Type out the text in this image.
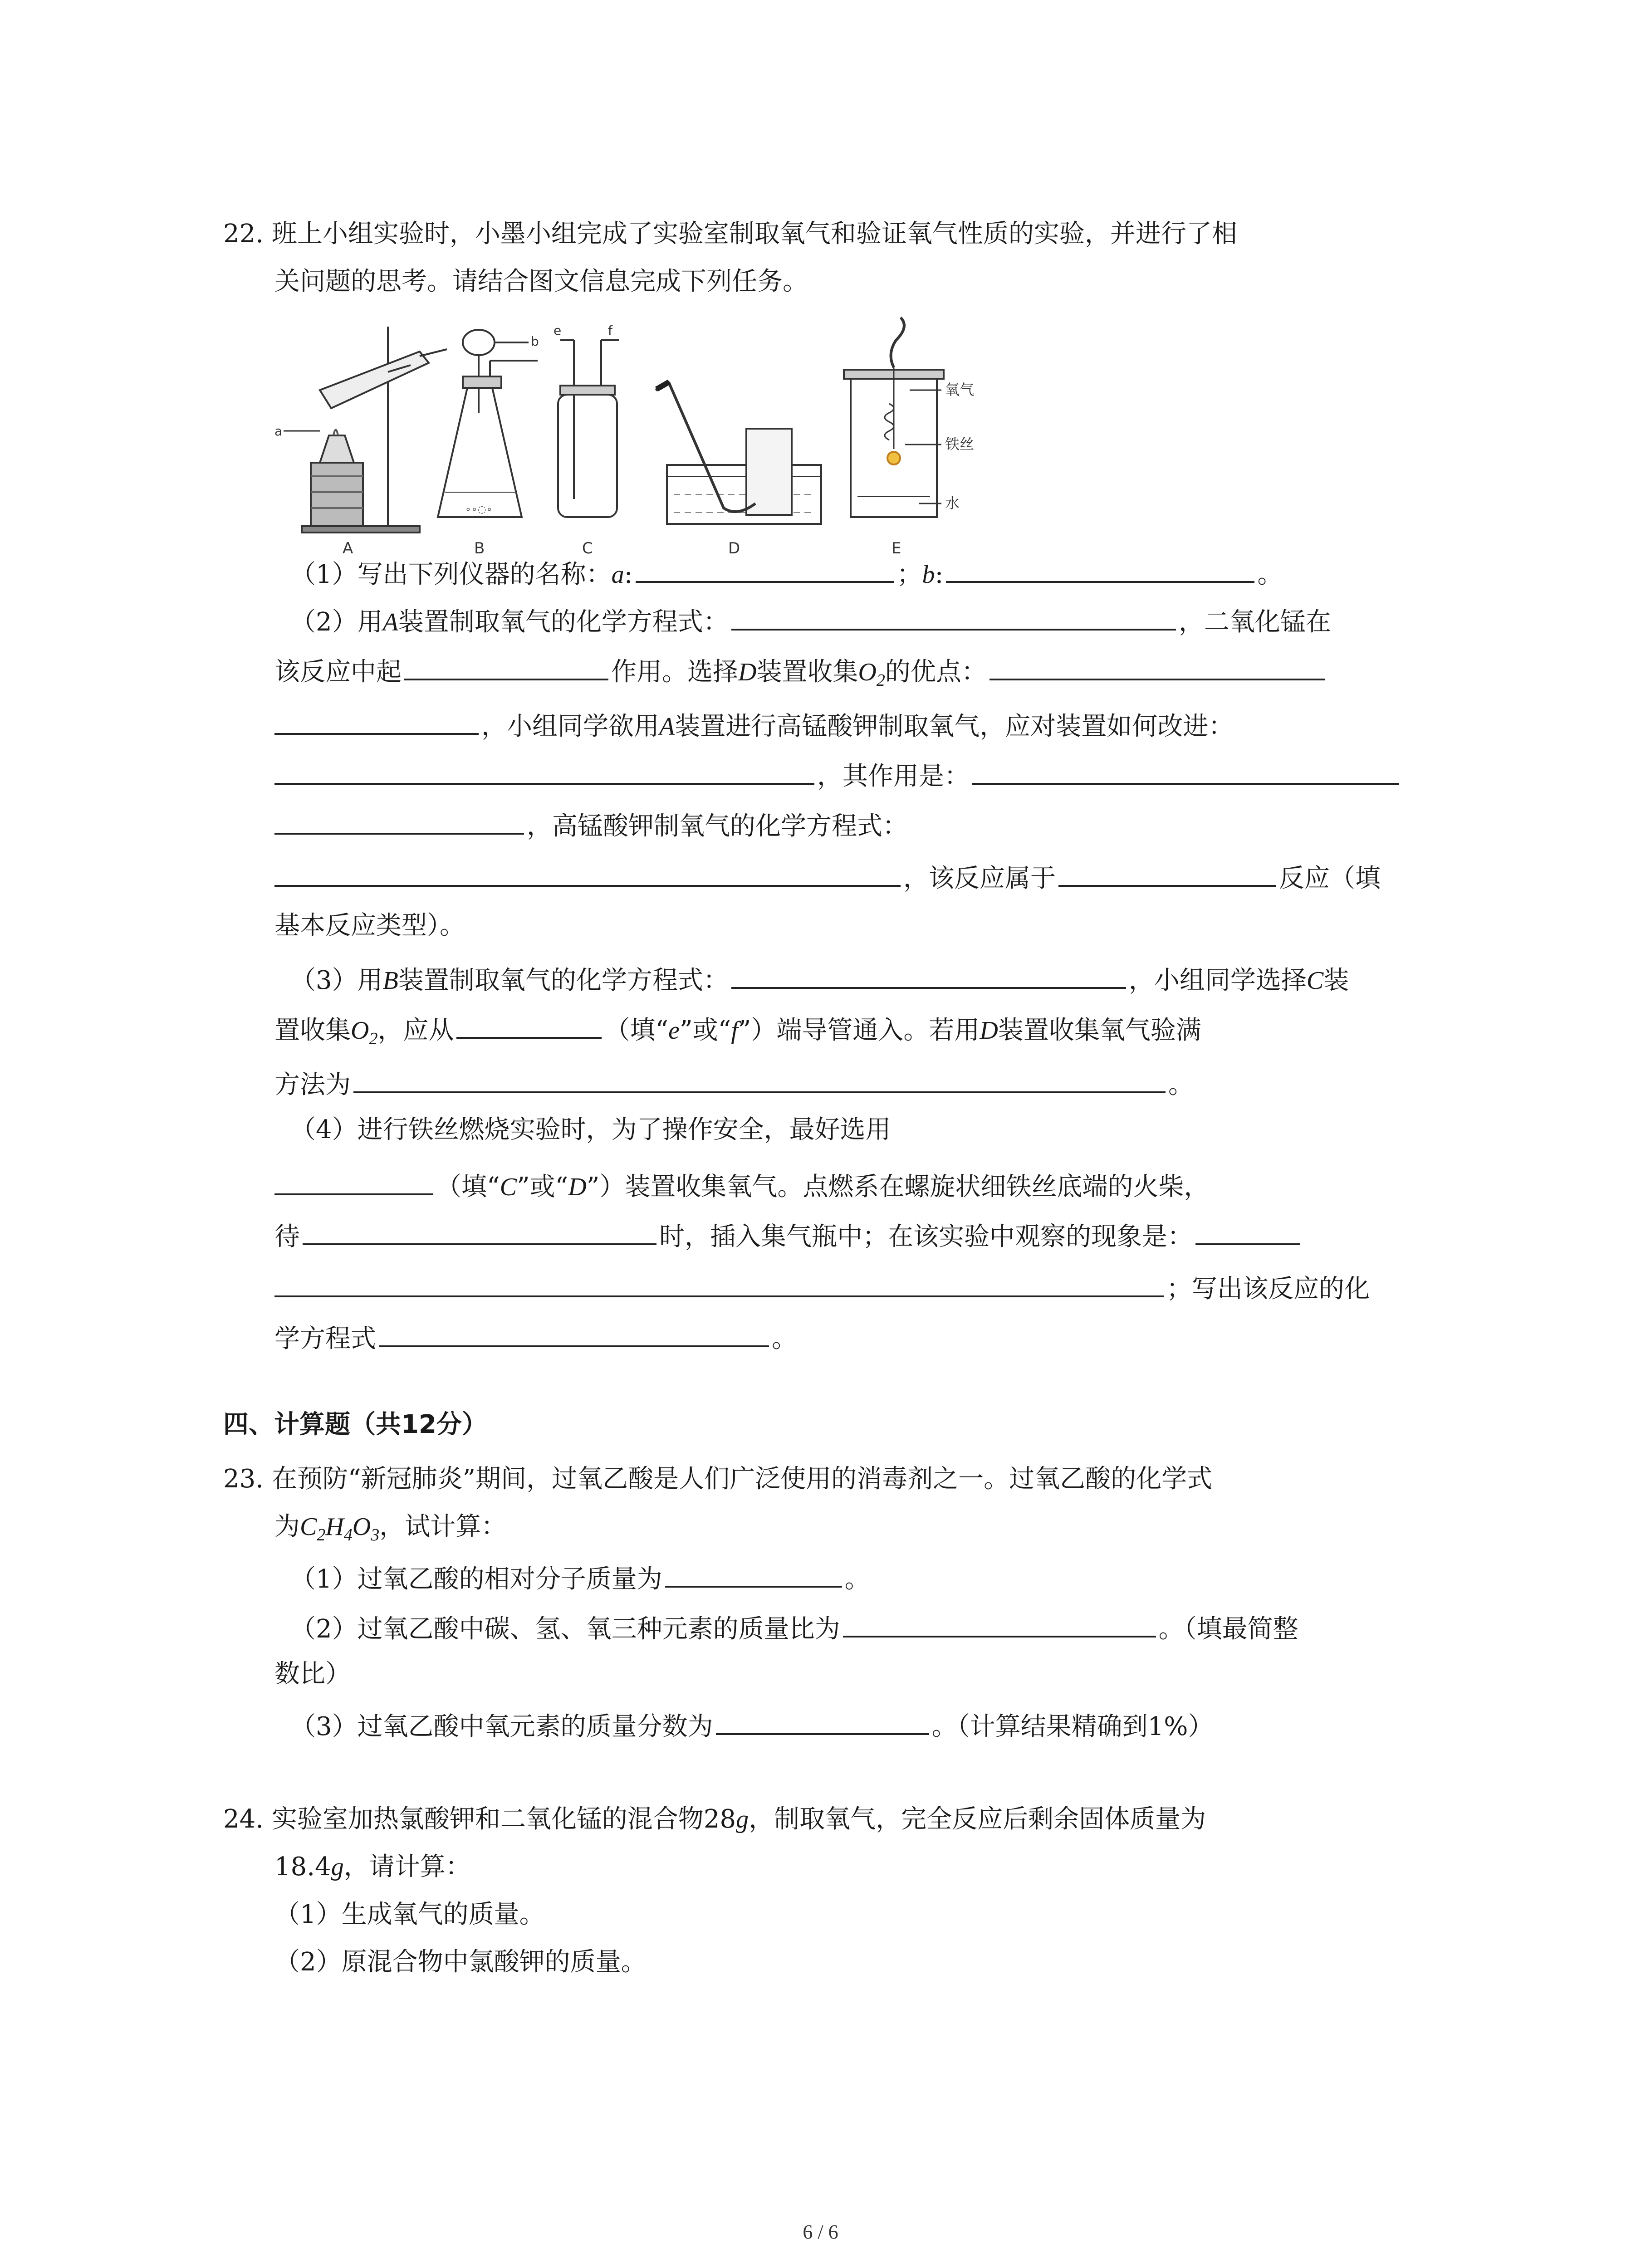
22. 班上小组实验时，小墨小组完成了实验室制取氧气和验证氧气性质的实验，并进行了相
关问题的思考。请结合图文信息完成下列任务。
a
A
∘∘◌∘
b
B
e	f
C	D
氧气
铁丝
水
E
（1）写出下列仪器的名称：a:	；b:	。
（2）用A装置制取氧气的化学方程式：	，二氧化锰在
该反应中起	作用。选择D装置收集$O_2$的优点：
，小组同学欲用A装置进行高锰酸钾制取氧气，应对装置如何改进：
，其作用是：
，高锰酸钾制氧气的化学方程式：
，该反应属于	反应（填
基本反应类型）。
（3）用B装置制取氧气的化学方程式：	，小组同学选择C装
置收集$O_2$，应从	（填“e”或“f”）端导管通入。若用D装置收集氧气验满
方法为	。
（4）进行铁丝燃烧实验时，为了操作安全，最好选用
（填“C”或“D”）装置收集氧气。点燃系在螺旋状细铁丝底端的火柴，
待	时，插入集气瓶中；在该实验中观察的现象是：
；写出该反应的化
学方程式	。
四、计算题（共12分）
23. 在预防“新冠肺炎”期间，过氧乙酸是人们广泛使用的消毒剂之一。过氧乙酸的化学式
为$C_2H_4O_3$，试计算：
（1）过氧乙酸的相对分子质量为	。
（2）过氧乙酸中碳、氢、氧三种元素的质量比为	。（填最简整
数比）
（3）过氧乙酸中氧元素的质量分数为	。（计算结果精确到1%）
24. 实验室加热氯酸钾和二氧化锰的混合物28g，制取氧气，完全反应后剩余固体质量为
18.4g，请计算：
（1）生成氧气的质量。
（2）原混合物中氯酸钾的质量。
6 / 6
